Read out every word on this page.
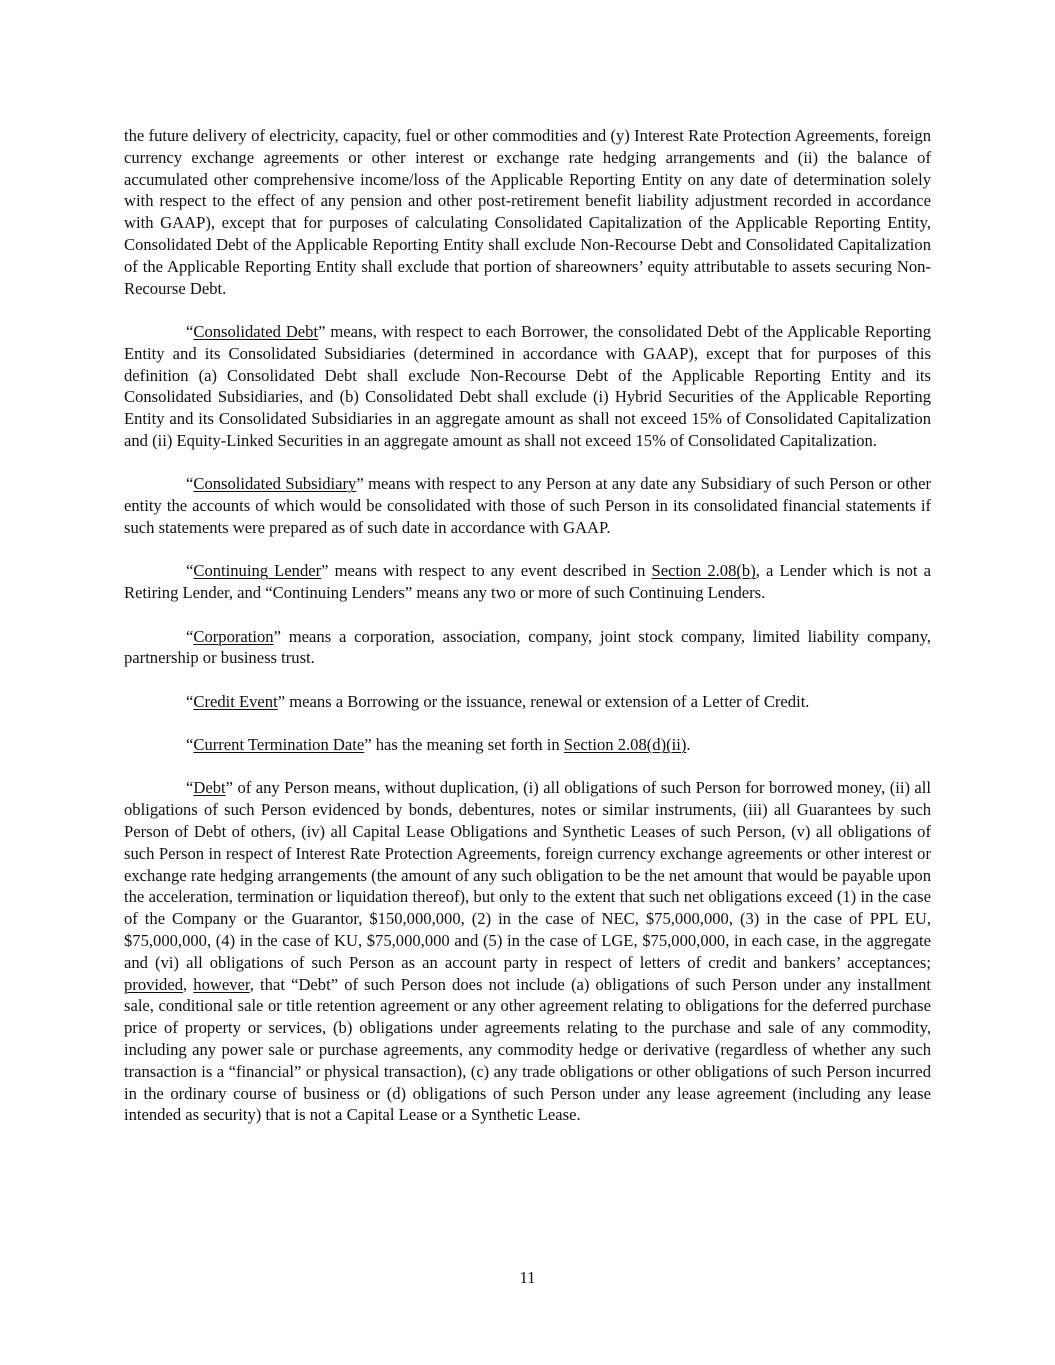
the future delivery of electricity, capacity, fuel or other commodities and (y) Interest Rate Protection Agreements, foreign currency exchange agreements or other interest or exchange rate hedging arrangements and (ii) the balance of accumulated other comprehensive income/loss of the Applicable Reporting Entity on any date of determination solely with respect to the effect of any pension and other post-retirement benefit liability adjustment recorded in accordance with GAAP), except that for purposes of calculating Consolidated Capitalization of the Applicable Reporting Entity, Consolidated Debt of the Applicable Reporting Entity shall exclude Non-Recourse Debt and Consolidated Capitalization of the Applicable Reporting Entity shall exclude that portion of shareowners’ equity attributable to assets securing Non-Recourse Debt.

“Consolidated Debt” means, with respect to each Borrower, the consolidated Debt of the Applicable Reporting Entity and its Consolidated Subsidiaries (determined in accordance with GAAP), except that for purposes of this definition (a) Consolidated Debt shall exclude Non-Recourse Debt of the Applicable Reporting Entity and its Consolidated Subsidiaries, and (b) Consolidated Debt shall exclude (i) Hybrid Securities of the Applicable Reporting Entity and its Consolidated Subsidiaries in an aggregate amount as shall not exceed 15% of Consolidated Capitalization and (ii) Equity-Linked Securities in an aggregate amount as shall not exceed 15% of Consolidated Capitalization.

“Consolidated Subsidiary” means with respect to any Person at any date any Subsidiary of such Person or other entity the accounts of which would be consolidated with those of such Person in its consolidated financial statements if such statements were prepared as of such date in accordance with GAAP.

“Continuing Lender” means with respect to any event described in Section 2.08(b), a Lender which is not a Retiring Lender, and “Continuing Lenders” means any two or more of such Continuing Lenders.

“Corporation” means a corporation, association, company, joint stock company, limited liability company, partnership or business trust.

“Credit Event” means a Borrowing or the issuance, renewal or extension of a Letter of Credit.

“Current Termination Date” has the meaning set forth in Section 2.08(d)(ii).

“Debt” of any Person means, without duplication, (i) all obligations of such Person for borrowed money, (ii) all obligations of such Person evidenced by bonds, debentures, notes or similar instruments, (iii) all Guarantees by such Person of Debt of others, (iv) all Capital Lease Obligations and Synthetic Leases of such Person, (v) all obligations of such Person in respect of Interest Rate Protection Agreements, foreign currency exchange agreements or other interest or exchange rate hedging arrangements (the amount of any such obligation to be the net amount that would be payable upon the acceleration, termination or liquidation thereof), but only to the extent that such net obligations exceed (1) in the case of the Company or the Guarantor, $150,000,000, (2) in the case of NEC, $75,000,000, (3) in the case of PPL EU, $75,000,000, (4) in the case of KU, $75,000,000 and (5) in the case of LGE, $75,000,000, in each case, in the aggregate and (vi) all obligations of such Person as an account party in respect of letters of credit and bankers’ acceptances; provided, however, that “Debt” of such Person does not include (a) obligations of such Person under any installment sale, conditional sale or title retention agreement or any other agreement relating to obligations for the deferred purchase price of property or services, (b) obligations under agreements relating to the purchase and sale of any commodity, including any power sale or purchase agreements, any commodity hedge or derivative (regardless of whether any such transaction is a “financial” or physical transaction), (c) any trade obligations or other obligations of such Person incurred in the ordinary course of business or (d) obligations of such Person under any lease agreement (including any lease intended as security) that is not a Capital Lease or a Synthetic Lease.

11
